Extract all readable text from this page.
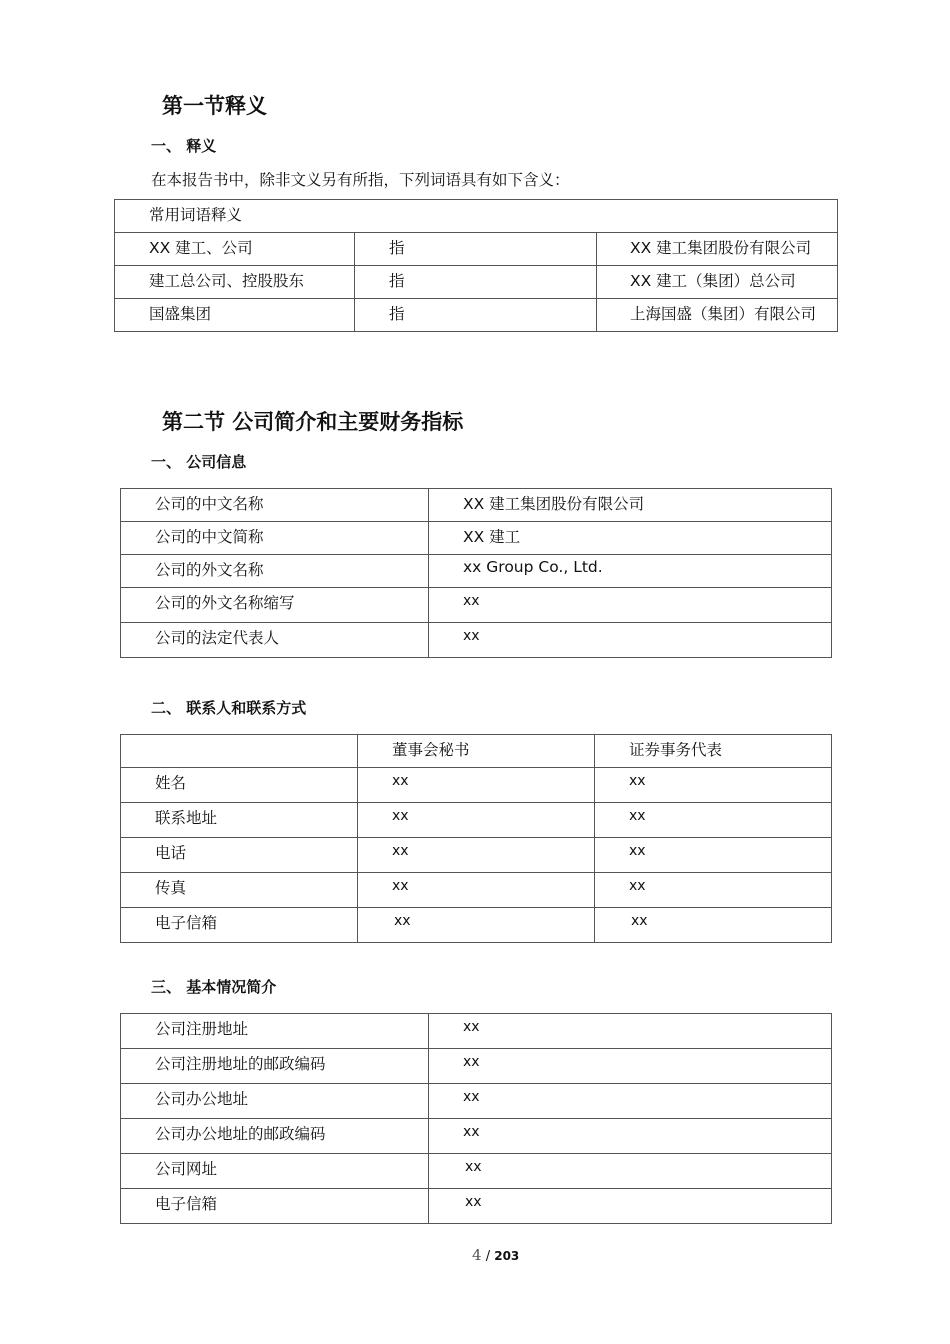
第一节释义
一、 释义
在本报告书中，除非文义另有所指，下列词语具有如下含义：
常用词语释义		
XX 建工、公司	指	XX 建工集团股份有限公司
建工总公司、控股股东	指	XX 建工（集团）总公司
国盛集团	指	上海国盛（集团）有限公司
第二节 公司简介和主要财务指标
一、 公司信息
公司的中文名称	XX 建工集团股份有限公司
公司的中文简称	XX 建工
公司的外文名称	xx Group Co., Ltd.
公司的外文名称缩写	xx
公司的法定代表人	xx
二、 联系人和联系方式
	董事会秘书	证券事务代表
姓名	xx	xx
联系地址	xx	xx
电话	xx	xx
传真	xx	xx
电子信箱	xx	xx
三、 基本情况简介
公司注册地址	xx
公司注册地址的邮政编码	xx
公司办公地址	xx
公司办公地址的邮政编码	xx
公司网址	xx
电子信箱	xx
4 / 203
